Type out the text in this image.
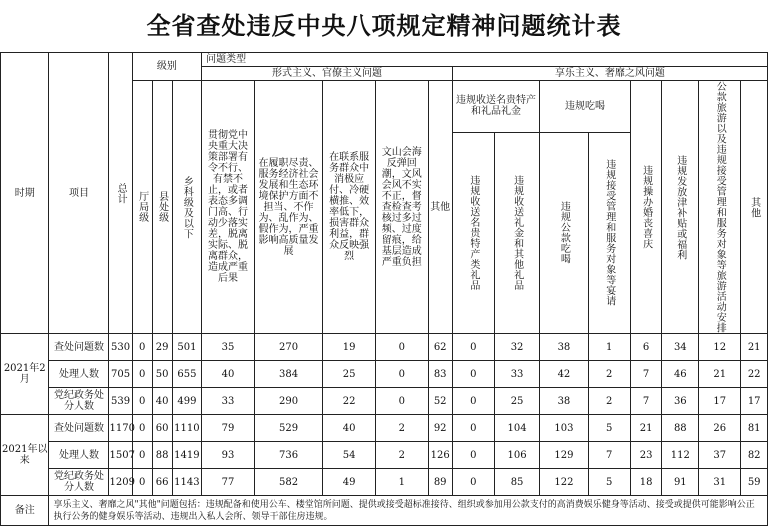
全省查处违反中央八项规定精神问题统计表
时期	项目	总计	级别			问题类型												
						形式主义、官僚主义问题					享乐主义、奢靡之风问题							

			厅局级	县处级	乡科级及以下	贯彻党中央重大决策部署有令不行、有禁不止，或者表态多调门高、行动少落实差，脱离实际、脱离群众，造成严重后果	在履职尽责、服务经济社会发展和生态环境保护方面不担当、不作为、乱作为、假作为，严重影响高质量发展	在联系服务群众中消极应付、冷硬横推、效率低下，损害群众利益，群众反映强烈	文山会海反弹回潮，文风会风不实不正，督查检查考核过多过频、过度留痕，给基层造成严重负担	其他	违规收送名贵特产和礼品礼金		违规吃喝		违规操办婚丧喜庆	违规发放津补贴或福利	公款旅游以及违规接受管理和服务对象等旅游活动安排	其他

											违规收送名贵特产类礼品	违规收送礼金和其他礼品	违规公款吃喝	违规接受管理和服务对象等宴请				

2021年2月	查处问题数	530	0	29	501	35	270	19	0	62	0	32	38	1	6	34	12	21
	处理人数	705	0	50	655	40	384	25	0	83	0	33	42	2	7	46	21	22
	党纪政务处分人数	539	0	40	499	33	290	22	0	52	0	25	38	2	7	36	17	17
2021年以来	查处问题数	1170	0	60	1110	79	529	40	2	92	0	104	103	5	21	88	26	81
	处理人数	1507	0	88	1419	93	736	54	2	126	0	106	129	7	23	112	37	82
	党纪政务处分人数	1209	0	66	1143	77	582	49	1	89	0	85	122	5	18	91	31	59
备注	享乐主义、奢靡之风"其他"问题包括：违规配备和使用公车、楼堂馆所问题、提供或接受超标准接待、组织或参加用公款支付的高消费娱乐健身等活动、接受或提供可能影响公正执行公务的健身娱乐等活动、违规出入私人会所、领导干部住房违规。																	
